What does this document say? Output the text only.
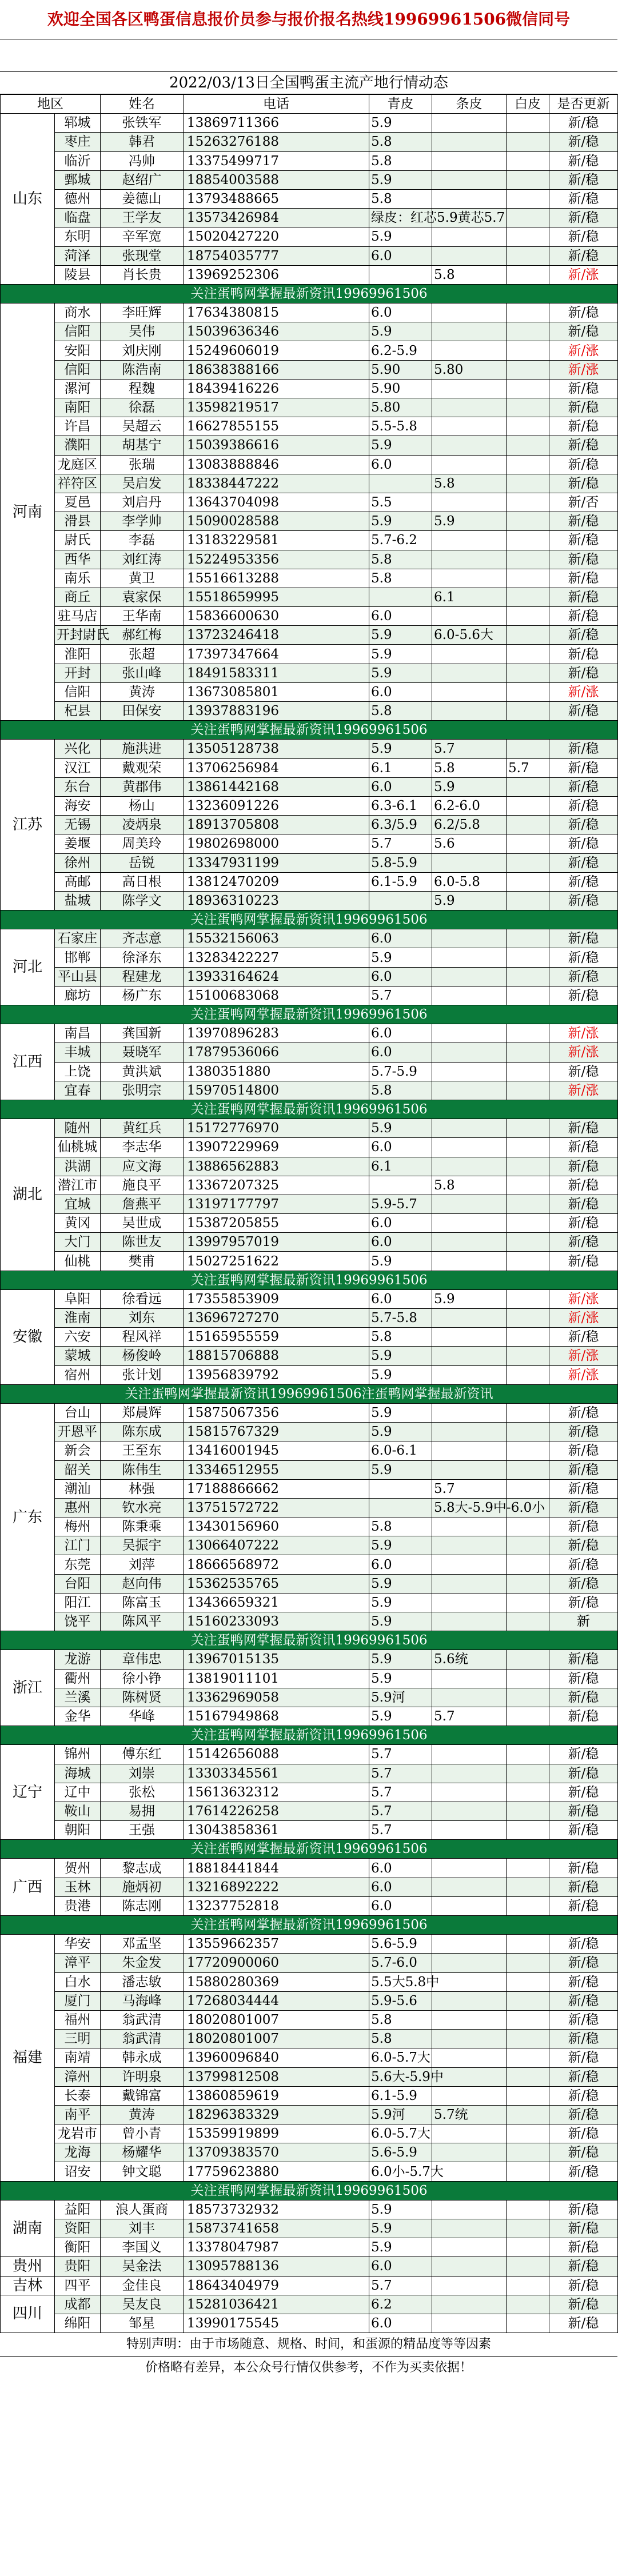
欢迎全国各区鸭蛋信息报价员参与报价报名热线19969961506微信同号
2022/03/13日全国鸭蛋主流产地行情动态
地区		姓名	电话	青皮	条皮	白皮	是否更新
山东	郓城	张铁军	13869711366	5.9			新/稳
	枣庄	韩君	15263276188	5.8			新/稳
	临沂	冯帅	13375499717	5.8			新/稳
	鄄城	赵绍广	18854003588	5.9			新/稳
	德州	姜德山	13793488665	5.8			新/稳
	临盘	王学友	13573426984	绿皮：红芯5.9黄芯5.7			新/稳
	东明	辛军宽	15020427220	5.9			新/稳
	菏泽	张现堂	18754035777	6.0			新/稳
	陵县	肖长贵	13969252306		5.8		新/涨
关注蛋鸭网掌握最新资讯19969961506							
河南	商水	李旺辉	17634380815	6.0			新/稳
	信阳	吴伟	15039636346	5.9			新/稳
	安阳	刘庆刚	15249606019	6.2-5.9			新/涨
	信阳	陈浩南	18638388166	5.90	5.80		新/涨
	漯河	程魏	18439416226	5.90			新/稳
	南阳	徐磊	13598219517	5.80			新/稳
	许昌	吴超云	16627855155	5.5-5.8			新/稳
	濮阳	胡基宁	15039386616	5.9			新/稳
	龙庭区	张瑞	13083888846	6.0			新/稳
	祥符区	吴启发	18338447222		5.8		新/稳
	夏邑	刘启丹	13643704098	5.5			新/否
	滑县	李学帅	15090028588	5.9	5.9		新/稳
	尉氏	李磊	13183229581	5.7-6.2			新/稳
	西华	刘红涛	15224953356	5.8			新/稳
	南乐	黄卫	15516613288	5.8			新/稳
	商丘	袁家保	15518659995		6.1		新/稳
	驻马店	王华南	15836600630	6.0			新/稳
	开封尉氏	郝红梅	13723246418	5.9	6.0-5.6大		新/稳
	淮阳	张超	17397347664	5.9			新/稳
	开封	张山峰	18491583311	5.9			新/稳
	信阳	黄涛	13673085801	6.0			新/涨
	杞县	田保安	13937883196	5.8			新/稳
关注蛋鸭网掌握最新资讯19969961506							
江苏	兴化	施洪进	13505128738	5.9	5.7		新/稳
	汉江	戴观荣	13706256984	6.1	5.8	5.7	新/稳
	东台	黄郡伟	13861442168	6.0	5.9		新/稳
	海安	杨山	13236091226	6.3-6.1	6.2-6.0		新/稳
	无锡	凌炳泉	18913705808	6.3/5.9	6.2/5.8		新/稳
	姜堰	周美玲	19802698000	5.7	5.6		新/稳
	徐州	岳锐	13347931199	5.8-5.9			新/稳
	高邮	高日根	13812470209	6.1-5.9	6.0-5.8		新/稳
	盐城	陈学文	18936310223		5.9		新/稳
关注蛋鸭网掌握最新资讯19969961506							
河北	石家庄	齐志意	15532156063	6.0			新/稳
	邯郸	徐泽东	13283422227	5.9			新/稳
	平山县	程建龙	13933164624	6.0			新/稳
	廊坊	杨广东	15100683068	5.7			新/稳
关注蛋鸭网掌握最新资讯19969961506							
江西	南昌	龚国新	13970896283	6.0			新/涨
	丰城	聂晓军	17879536066	6.0			新/涨
	上饶	黄洪斌	1380351880	5.7-5.9			新/稳
	宜春	张明宗	15970514800	5.8			新/涨
关注蛋鸭网掌握最新资讯19969961506							
湖北	随州	黄红兵	15172776970	5.9			新/稳
	仙桃城	李志华	13907229969	6.0			新/稳
	洪湖	应文海	13886562883	6.1			新/稳
	潜江市	施良平	13367207325		5.8		新/稳
	宜城	詹燕平	13197177797	5.9-5.7			新/稳
	黄冈	吴世成	15387205855	6.0			新/稳
	大门	陈世友	13997957019	6.0			新/稳
	仙桃	樊甫	15027251622	5.9			新/稳
关注蛋鸭网掌握最新资讯19969961506							
安徽	阜阳	徐看远	17355853909	6.0	5.9		新/涨
	淮南	刘东	13696727270	5.7-5.8			新/涨
	六安	程风祥	15165955559	5.8			新/稳
	蒙城	杨俊岭	18815706888	5.9			新/涨
	宿州	张计划	13956839792	5.9			新/涨
关注蛋鸭网掌握最新资讯19969961506注蛋鸭网掌握最新资讯							
广东	台山	郑晨辉	15875067356	5.9			新/稳
	开恩平	陈东成	15815767329	5.9			新/稳
	新会	王至东	13416001945	6.0-6.1			新/稳
	韶关	陈伟生	13346512955	5.9			新/稳
	潮汕	林强	17188866662		5.7		新/稳
	惠州	钦水亮	13751572722		5.8大-5.9中-6.0小		新/稳
	梅州	陈秉乘	13430156960	5.8			新/稳
	江门	吴振宇	13066407222	5.9			新/稳
	东莞	刘萍	18666568972	6.0			新/稳
	台阳	赵向伟	15362535765	5.9			新/稳
	阳江	陈富玉	13436659321	5.9			新/稳
	饶平	陈风平	15160233093	5.9			新
关注蛋鸭网掌握最新资讯19969961506							
浙江	龙游	章伟忠	13967015135	5.9	5.6统		新/稳
	衢州	徐小铮	13819011101	5.9			新/稳
	兰溪	陈树贤	13362969058	5.9河			新/稳
	金华	华峰	15167949868	5.9	5.7		新/稳
关注蛋鸭网掌握最新资讯19969961506							
辽宁	锦州	傅东红	15142656088	5.7			新/稳
	海城	刘崇	13303345561	5.7			新/稳
	辽中	张松	15613632312	5.7			新/稳
	鞍山	易拥	17614226258	5.7			新/稳
	朝阳	王强	13043858361	5.7			新/稳
关注蛋鸭网掌握最新资讯19969961506							
广西	贺州	黎志成	18818441844	6.0			新/稳
	玉林	施炳初	13216892222	6.0			新/稳
	贵港	陈志刚	13237752818	6.0			新/稳
关注蛋鸭网掌握最新资讯19969961506							
福建	华安	邓孟坚	13559662357	5.6-5.9			新/稳
	漳平	朱金发	17720900060	5.7-6.0			新/稳
	白水	潘志敏	15880280369	5.5大5.8中			新/稳
	厦门	马海峰	17268034444	5.9-5.6			新/稳
	福州	翁武清	18020801007	5.8			新/稳
	三明	翁武清	18020801007	5.8			新/稳
	南靖	韩永成	13960096840	6.0-5.7大			新/稳
	漳州	许明泉	13799812508	5.6大-5.9中			新/稳
	长泰	戴锦富	13860859619	6.1-5.9			新/稳
	南平	黄涛	18296383329	5.9河	5.7统		新/稳
	龙岩市	曾小青	15359919899	6.0-5.7大			新/稳
	龙海	杨耀华	13709383570	5.6-5.9			新/稳
	诏安	钟文聪	17759623880	6.0小-5.7大			新/稳
关注蛋鸭网掌握最新资讯19969961506							
湖南	益阳	浪人蛋商	18573732932	5.9			新/稳
	资阳	刘丰	15873741658	5.9			新/稳
	衡阳	李国义	13378047987	5.9			新/稳
贵州	贵阳	吴金法	13095788136	6.0			新/稳
吉林	四平	金佳良	18643404979	5.7			新/稳
四川	成都	吴友良	15281036421	6.2			新/稳
	绵阳	邹星	13990175545	6.0			新/稳
特别声明：由于市场随意、规格、时间，和蛋源的精品度等等因素
价格略有差异，本公众号行情仅供参考，不作为买卖依据！
